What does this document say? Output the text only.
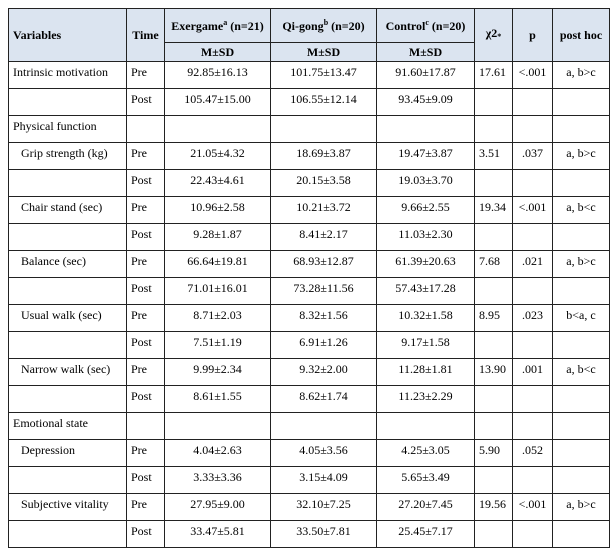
Variables	Time	Exergame$^a$ (n=21)	Qi-gong$^b$ (n=20)	Control$^c$ (n=20)	χ2*	p	post hoc
		M±SD	M±SD	M±SD			
Intrinsic motivation	Pre	92.85±16.13	101.75±13.47	91.60±17.87	17.61	<.001	a, b>c
	Post	105.47±15.00	106.55±12.14	93.45±9.09			
Physical function							
Grip strength (kg)	Pre	21.05±4.32	18.69±3.87	19.47±3.87	3.51	.037	a, b>c
	Post	22.43±4.61	20.15±3.58	19.03±3.70			
Chair stand (sec)	Pre	10.96±2.58	10.21±3.72	9.66±2.55	19.34	<.001	a, b<c
	Post	9.28±1.87	8.41±2.17	11.03±2.30			
Balance (sec)	Pre	66.64±19.81	68.93±12.87	61.39±20.63	7.68	.021	a, b>c
	Post	71.01±16.01	73.28±11.56	57.43±17.28			
Usual walk (sec)	Pre	8.71±2.03	8.32±1.56	10.32±1.58	8.95	.023	b<a, c
	Post	7.51±1.19	6.91±1.26	9.17±1.58			
Narrow walk (sec)	Pre	9.99±2.34	9.32±2.00	11.28±1.81	13.90	.001	a, b<c
	Post	8.61±1.55	8.62±1.74	11.23±2.29			
Emotional state							
Depression	Pre	4.04±2.63	4.05±3.56	4.25±3.05	5.90	.052	
	Post	3.33±3.36	3.15±4.09	5.65±3.49			
Subjective vitality	Pre	27.95±9.00	32.10±7.25	27.20±7.45	19.56	<.001	a, b>c
	Post	33.47±5.81	33.50±7.81	25.45±7.17			
